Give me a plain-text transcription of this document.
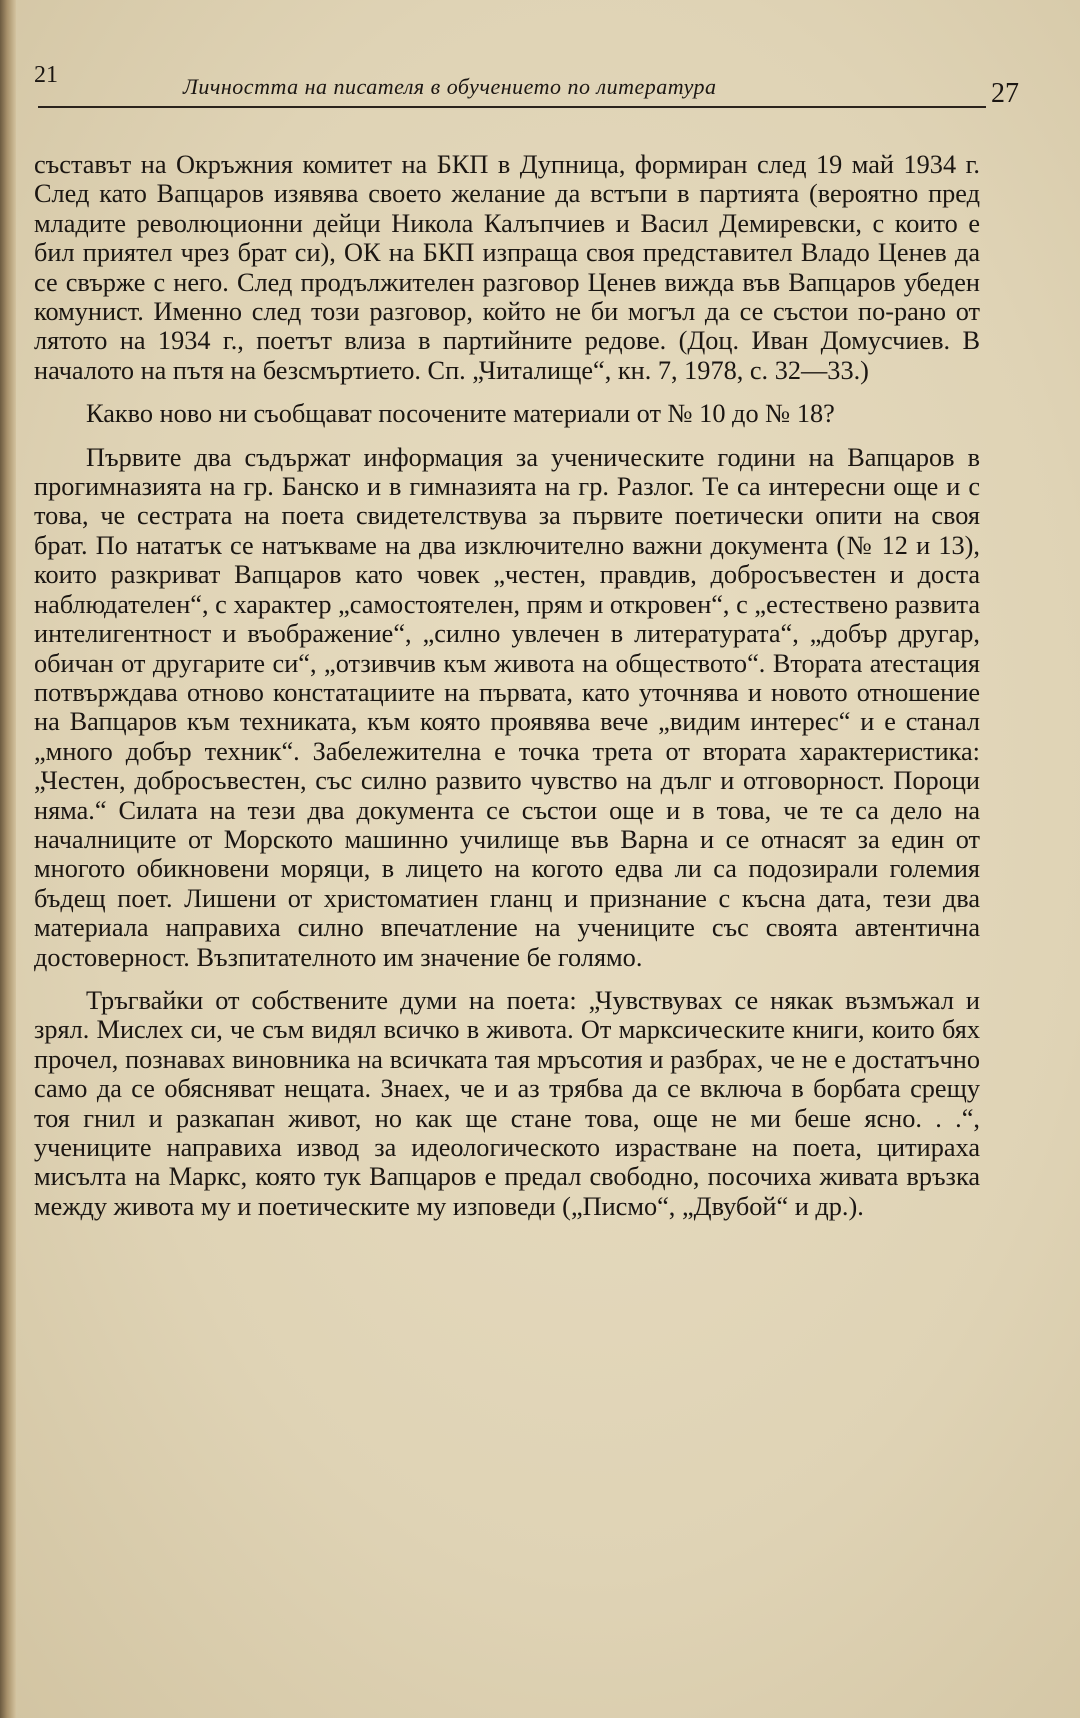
21	Личността на писателя в обучението по литература	27

съставът на Окръжния комитет на БКП в Дупница, формиран след 19 май 1934 г. След като Вапцаров изявява своето желание да встъпи в партията (вероятно пред младите революционни дейци Никола Калъпчиев и Васил Демиревски, с които е бил приятел чрез брат си), ОК на БКП изпраща своя представител Владо Ценев да се свърже с него. След продължителен разговор Ценев вижда във Вапцаров убеден комунист. Именно след този разговор, който не би могъл да се състои по-рано от лятото на 1934 г., поетът влиза в партийните редове. (Доц. Иван Домусчиев. В началото на пътя на безсмъртието. Сп. „Читалище“, кн. 7, 1978, с. 32—33.)

Какво ново ни съобщават посочените материали от № 10 до № 18?

Първите два съдържат информация за ученическите години на Вапцаров в прогимназията на гр. Банско и в гимназията на гр. Разлог. Те са интересни още и с това, че сестрата на поета свидетелствува за първите поетически опити на своя брат. По нататък се натъкваме на два изключително важни документа (№ 12 и 13), които разкриват Вапцаров като човек „честен, правдив, добросъвестен и доста наблюдателен“, с характер „самостоятелен, прям и откровен“, с „естествено развита интелигентност и въображение“, „силно увлечен в литературата“, „добър другар, обичан от другарите си“, „отзивчив към живота на обществото“. Втората атестация потвърждава отново констатациите на първата, като уточнява и новото отношение на Вапцаров към техниката, към която проявява вече „видим интерес“ и е станал „много добър техник“. Забележителна е точка трета от втората характеристика: „Честен, добросъвестен, със силно развито чувство на дълг и отговорност. Пороци няма.“ Силата на тези два документа се състои още и в това, че те са дело на началниците от Морското машинно училище във Варна и се отнасят за един от многото обикновени моряци, в лицето на когото едва ли са подозирали големия бъдещ поет. Лишени от христоматиен гланц и признание с късна дата, тези два материала направиха силно впечатление на учениците със своята автентична достоверност. Възпитателното им значение бе голямо.

Тръгвайки от собствените думи на поета: „Чувствувах се някак възмъжал и зрял. Мислех си, че съм видял всичко в живота. От марксическите книги, които бях прочел, познавах виновника на всичката тая мръсотия и разбрах, че не е достатъчно само да се обясняват нещата. Знаех, че и аз трябва да се включа в борбата срещу тоя гнил и разкапан живот, но как ще стане това, още не ми беше ясно. . .“, учениците направиха извод за идеологическото израстване на поета, цитираха мисълта на Маркс, която тук Вапцаров е предал свободно, посочиха живата връзка между живота му и поетическите му изповеди („Писмо“, „Двубой“ и др.).
